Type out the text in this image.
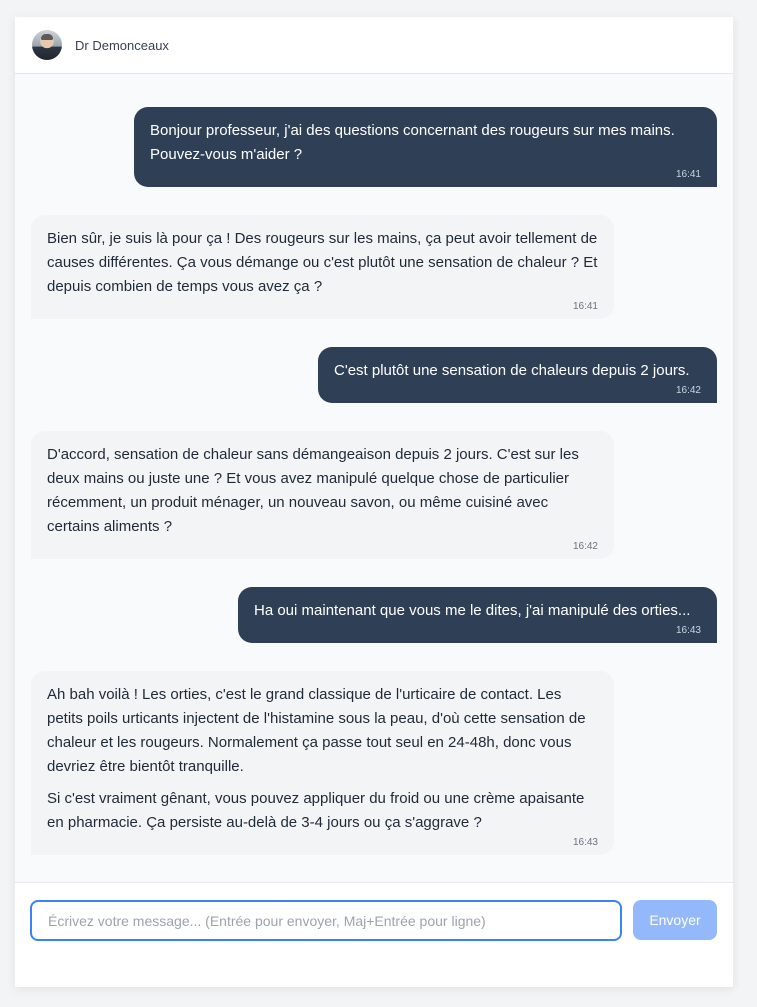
Dr Demonceaux

Bonjour professeur, j'ai des questions concernant des rougeurs sur mes mains. Pouvez-vous m'aider ?

16:41

Bien sûr, je suis là pour ça ! Des rougeurs sur les mains, ça peut avoir tellement de causes différentes. Ça vous démange ou c'est plutôt une sensation de chaleur ? Et depuis combien de temps vous avez ça ?

16:41

C'est plutôt une sensation de chaleurs depuis 2 jours.

16:42

D'accord, sensation de chaleur sans démangeaison depuis 2 jours. C'est sur les deux mains ou juste une ? Et vous avez manipulé quelque chose de particulier récemment, un produit ménager, un nouveau savon, ou même cuisiné avec certains aliments ?

16:42

Ha oui maintenant que vous me le dites, j'ai manipulé des orties...

16:43

Ah bah voilà ! Les orties, c'est le grand classique de l'urticaire de contact. Les petits poils urticants injectent de l'histamine sous la peau, d'où cette sensation de chaleur et les rougeurs. Normalement ça passe tout seul en 24-48h, donc vous devriez être bientôt tranquille.

Si c'est vraiment gênant, vous pouvez appliquer du froid ou une crème apaisante en pharmacie. Ça persiste au-delà de 3-4 jours ou ça s'aggrave ?

16:43
Écrivez votre message... (Entrée pour envoyer, Maj+Entrée pour ligne)
Envoyer
